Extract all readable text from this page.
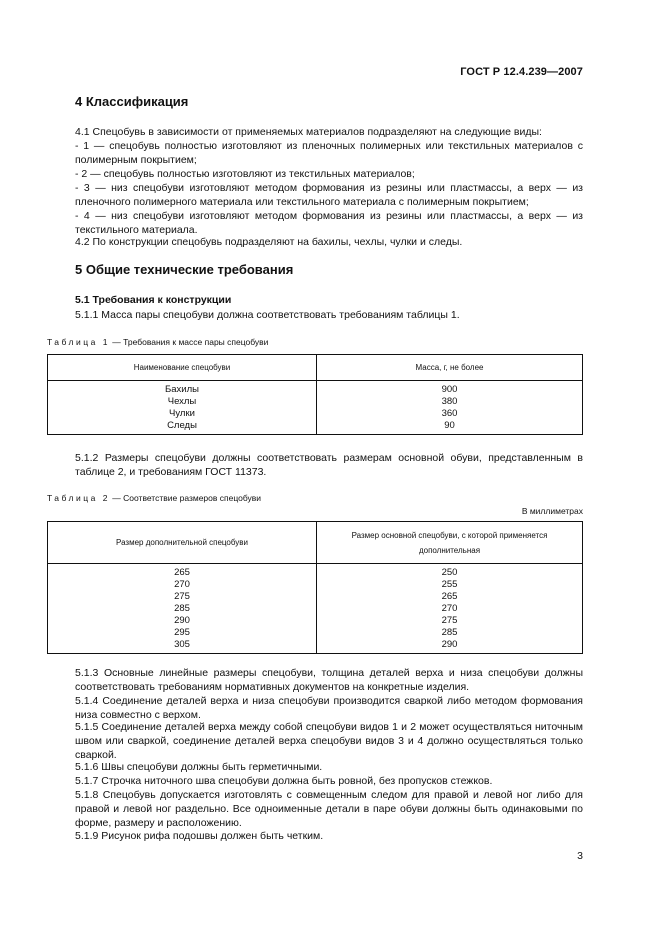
ГОСТ Р 12.4.239—2007
4 Классификация
4.1 Спецобувь в зависимости от применяемых материалов подразделяют на следующие виды:
- 1 — спецобувь полностью изготовляют из пленочных полимерных или текстильных материалов с полимерным покрытием;
- 2 — спецобувь полностью изготовляют из текстильных материалов;
- 3 — низ спецобуви изготовляют методом формования из резины или пластмассы, а верх — из пленочного полимерного материала или текстильного материала с полимерным покрытием;
- 4 — низ спецобуви изготовляют методом формования из резины или пластмассы, а верх — из текстильного материала.
4.2 По конструкции спецобувь подразделяют на бахилы, чехлы, чулки и следы.
5 Общие технические требования
5.1 Требования к конструкции
5.1.1 Масса пары спецобуви должна соответствовать требованиям таблицы 1.
Таблица 1 — Требования к массе пары спецобуви
Наименование спецобуви	Масса, г, не более
Бахилы	900
Чехлы	380
Чулки	360
Следы	90
5.1.2 Размеры спецобуви должны соответствовать размерам основной обуви, представленным в таблице 2, и требованиям ГОСТ 11373.
Таблица 2 — Соответствие размеров спецобуви
В миллиметрах
Размер дополнительной спецобуви	Размер основной спецобуви, с которой применяется дополнительная
265	250
270	255
275	265
285	270
290	275
295	285
305	290
5.1.3 Основные линейные размеры спецобуви, толщина деталей верха и низа спецобуви должны соответствовать требованиям нормативных документов на конкретные изделия.
5.1.4 Соединение деталей верха и низа спецобуви производится сваркой либо методом формования низа совместно с верхом.
5.1.5 Соединение деталей верха между собой спецобуви видов 1 и 2 может осуществляться ниточным швом или сваркой, соединение деталей верха спецобуви видов 3 и 4 должно осуществляться только сваркой.
5.1.6 Швы спецобуви должны быть герметичными.
5.1.7 Строчка ниточного шва спецобуви должна быть ровной, без пропусков стежков.
5.1.8 Спецобувь допускается изготовлять с совмещенным следом для правой и левой ног либо для правой и левой ног раздельно. Все одноименные детали в паре обуви должны быть одинаковыми по форме, размеру и расположению.
5.1.9 Рисунок рифа подошвы должен быть четким.
3
